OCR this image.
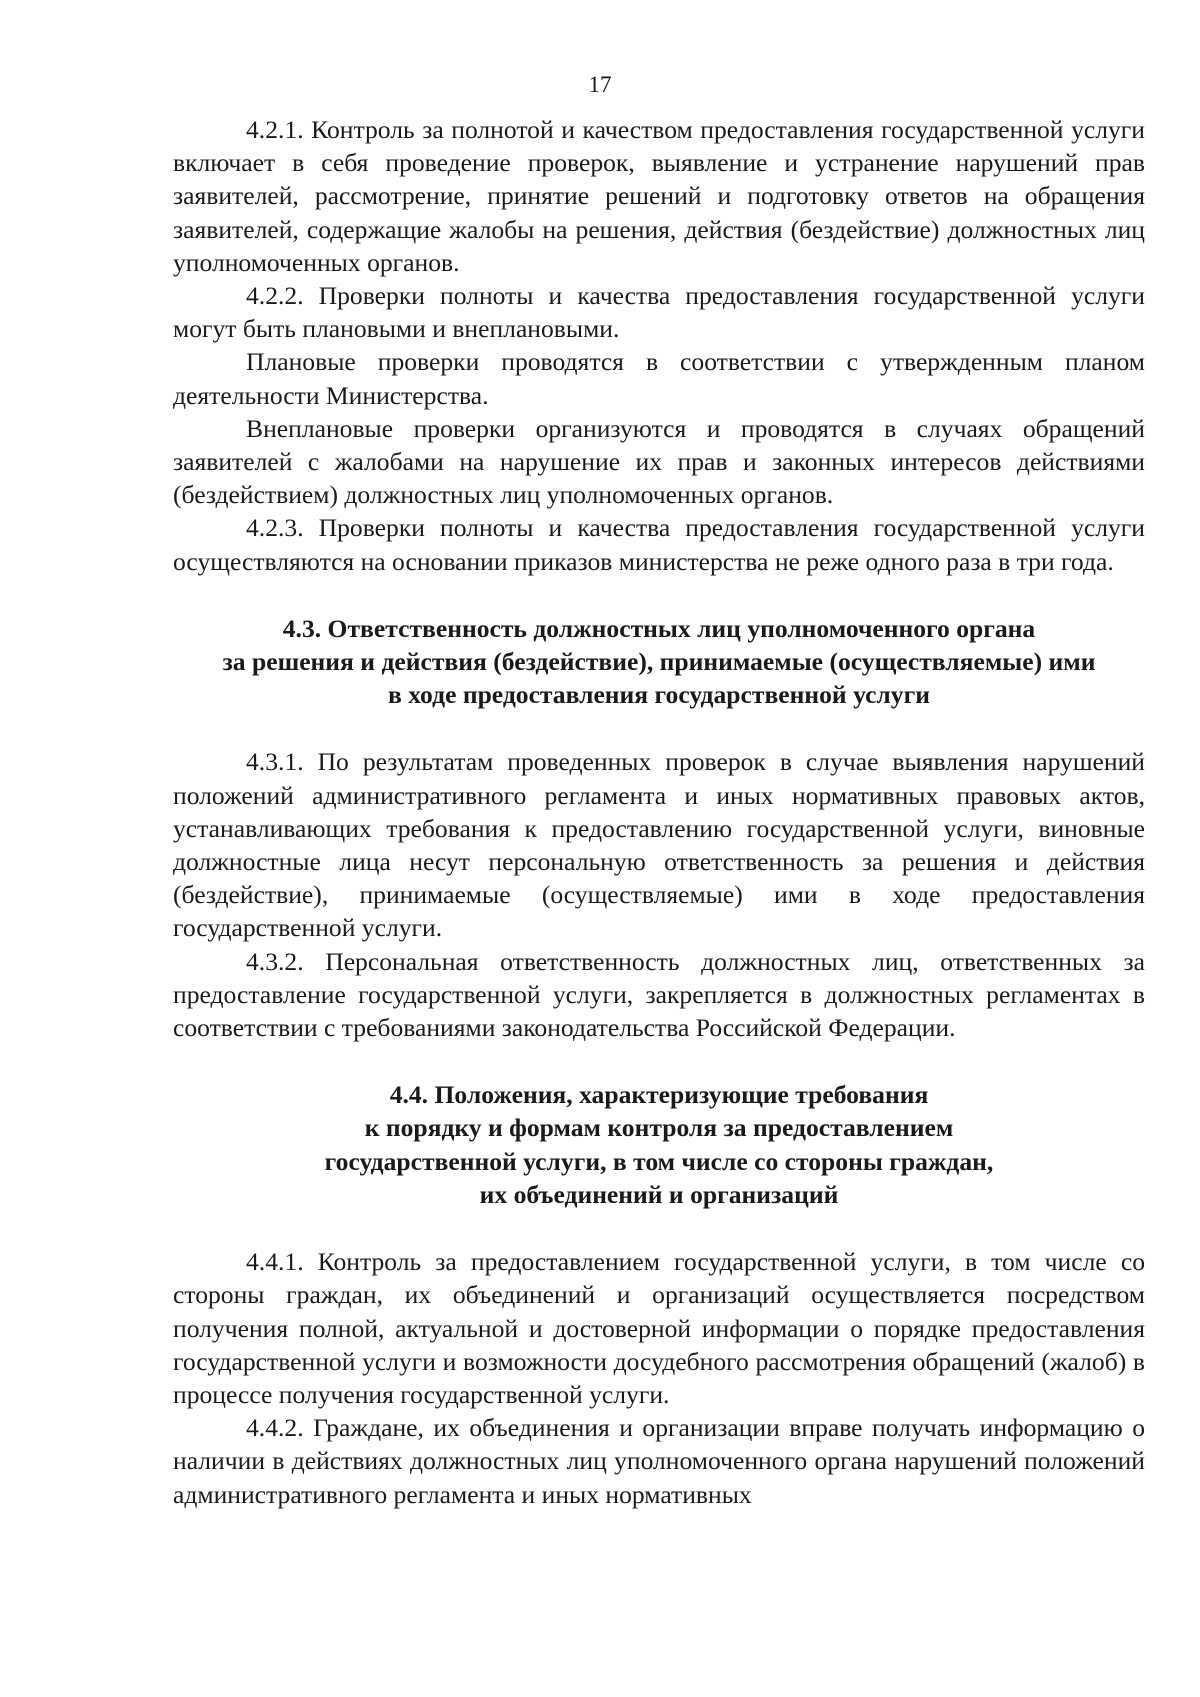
17

4.2.1. Контроль за полнотой и качеством предоставления государственной услуги включает в себя проведение проверок, выявление и устранение нарушений прав заявителей, рассмотрение, принятие решений и подготовку ответов на обращения заявителей, содержащие жалобы на решения, действия (бездействие) должностных лиц уполномоченных органов.

4.2.2. Проверки полноты и качества предоставления государственной услуги могут быть плановыми и внеплановыми.

Плановые проверки проводятся в соответствии с утвержденным планом деятельности Министерства.

Внеплановые проверки организуются и проводятся в случаях обращений заявителей с жалобами на нарушение их прав и законных интересов действиями (бездействием) должностных лиц уполномоченных органов.

4.2.3. Проверки полноты и качества предоставления государственной услуги осуществляются на основании приказов министерства не реже одного раза в три года.

4.3. Ответственность должностных лиц уполномоченного органа
за решения и действия (бездействие), принимаемые (осуществляемые) ими
в ходе предоставления государственной услуги

4.3.1. По результатам проведенных проверок в случае выявления нарушений положений административного регламента и иных нормативных правовых актов, устанавливающих требования к предоставлению государственной услуги, виновные должностные лица несут персональную ответственность за решения и действия (бездействие), принимаемые (осуществляемые) ими в ходе предоставления государственной услуги.

4.3.2. Персональная ответственность должностных лиц, ответственных за предоставление государственной услуги, закрепляется в должностных регламентах в соответствии с требованиями законодательства Российской Федерации.

4.4. Положения, характеризующие требования
к порядку и формам контроля за предоставлением
государственной услуги, в том числе со стороны граждан,
их объединений и организаций

4.4.1. Контроль за предоставлением государственной услуги, в том числе со стороны граждан, их объединений и организаций осуществляется посредством получения полной, актуальной и достоверной информации о порядке предоставления государственной услуги и возможности досудебного рассмотрения обращений (жалоб) в процессе получения государственной услуги.

4.4.2. Граждане, их объединения и организации вправе получать информацию о наличии в действиях должностных лиц уполномоченного органа нарушений положений административного регламента и иных нормативных
